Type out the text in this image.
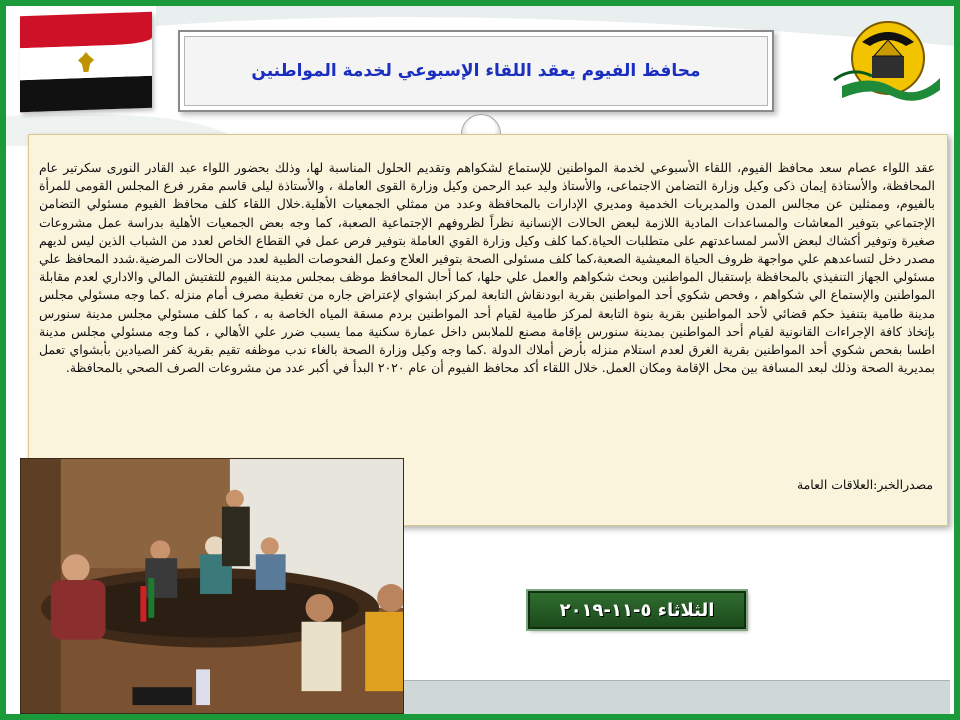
محافظ الفيوم يعقد اللقاء الإسبوعي لخدمة المواطنين

عقد اللواء عصام سعد محافظ الفيوم، اللقاء الأسبوعي لخدمة المواطنين للإستماع لشكواهم وتقديم الحلول المناسبة لها، وذلك بحضور اللواء عبد القادر النورى سكرتير عام المحافظة، والأستاذة إيمان ذكى وكيل وزارة التضامن الاجتماعى، والأستاذ وليد عبد الرحمن وكيل وزارة القوى العاملة ، والأستاذة ليلى قاسم مقرر فرع المجلس القومى للمرأة بالفيوم، وممثلين عن مجالس المدن والمديريات الخدمية ومديري الإدارات بالمحافظة وعدد من ممثلي الجمعيات الأهلية.خلال اللقاء كلف محافظ الفيوم مسئولي التضامن الإجتماعي بتوفير المعاشات والمساعدات المادية اللازمة لبعض الحالات الإنسانية نظراً لظروفهم الإجتماعية الصعبة، كما وجه بعض الجمعيات الأهلية بدراسة عمل مشروعات صغيرة وتوفير أكشاك لبعض الأسر لمساعدتهم على متطلبات الحياة.كما كلف وكيل وزارة القوي العاملة بتوفير فرص عمل في القطاع الخاص لعدد من الشباب الذين ليس لديهم مصدر دخل لتساعدهم علي مواجهة ظروف الحياة المعيشية الصعبة،كما كلف مسئولى الصحة بتوفير العلاج وعمل الفحوصات الطبية لعدد من الحالات المرضية.شدد المحافظ علي مسئولي الجهاز التنفيذي بالمحافظة بإستقبال المواطنين وبحث شكواهم والعمل علي حلها، كما أحال المحافظ موظف بمجلس مدينة الفيوم للتفتيش المالي والاداري لعدم مقابلة المواطنين والإستماع الي شكواهم ، وفحص شكوي أحد المواطنين بقرية ابودنقاش التابعة لمركز ابشواي لإعتراض جاره من تغطية مصرف أمام منزله .كما وجه مسئولي مجلس مدينة طامية بتنفيذ حكم قضائي لأحد المواطنين بقرية بنوة التابعة لمركز طامية لقيام أحد المواطنين بردم مسقة المياه الخاصة به ، كما كلف مسئولي مجلس مدينة سنورس بإتخاذ كافة الإجراءات القانونية لقيام أحد المواطنين بمدينة سنورس بإقامة مصنع للملابس داخل عمارة سكنية مما يسبب ضرر علي الأهالي ، كما وجه مسئولي مجلس مدينة اطسا بفحص شكوي أحد المواطنين بقرية الغرق لعدم استلام منزله بأرض أملاك الدولة .كما وجه وكيل وزارة الصحة بالغاء ندب موظفه تقيم بقرية كفر الصيادين بأبشواي تعمل بمديرية الصحة وذلك لبعد المسافة بين محل الإقامة ومكان العمل. خلال اللقاء أكد محافظ الفيوم أن عام ٢٠٢٠ البدأ في أكبر عدد من مشروعات الصرف الصحي بالمحافظة.

مصدرالخبر:العلاقات العامة
الثلاثاء ٥-١١-٢٠١٩
